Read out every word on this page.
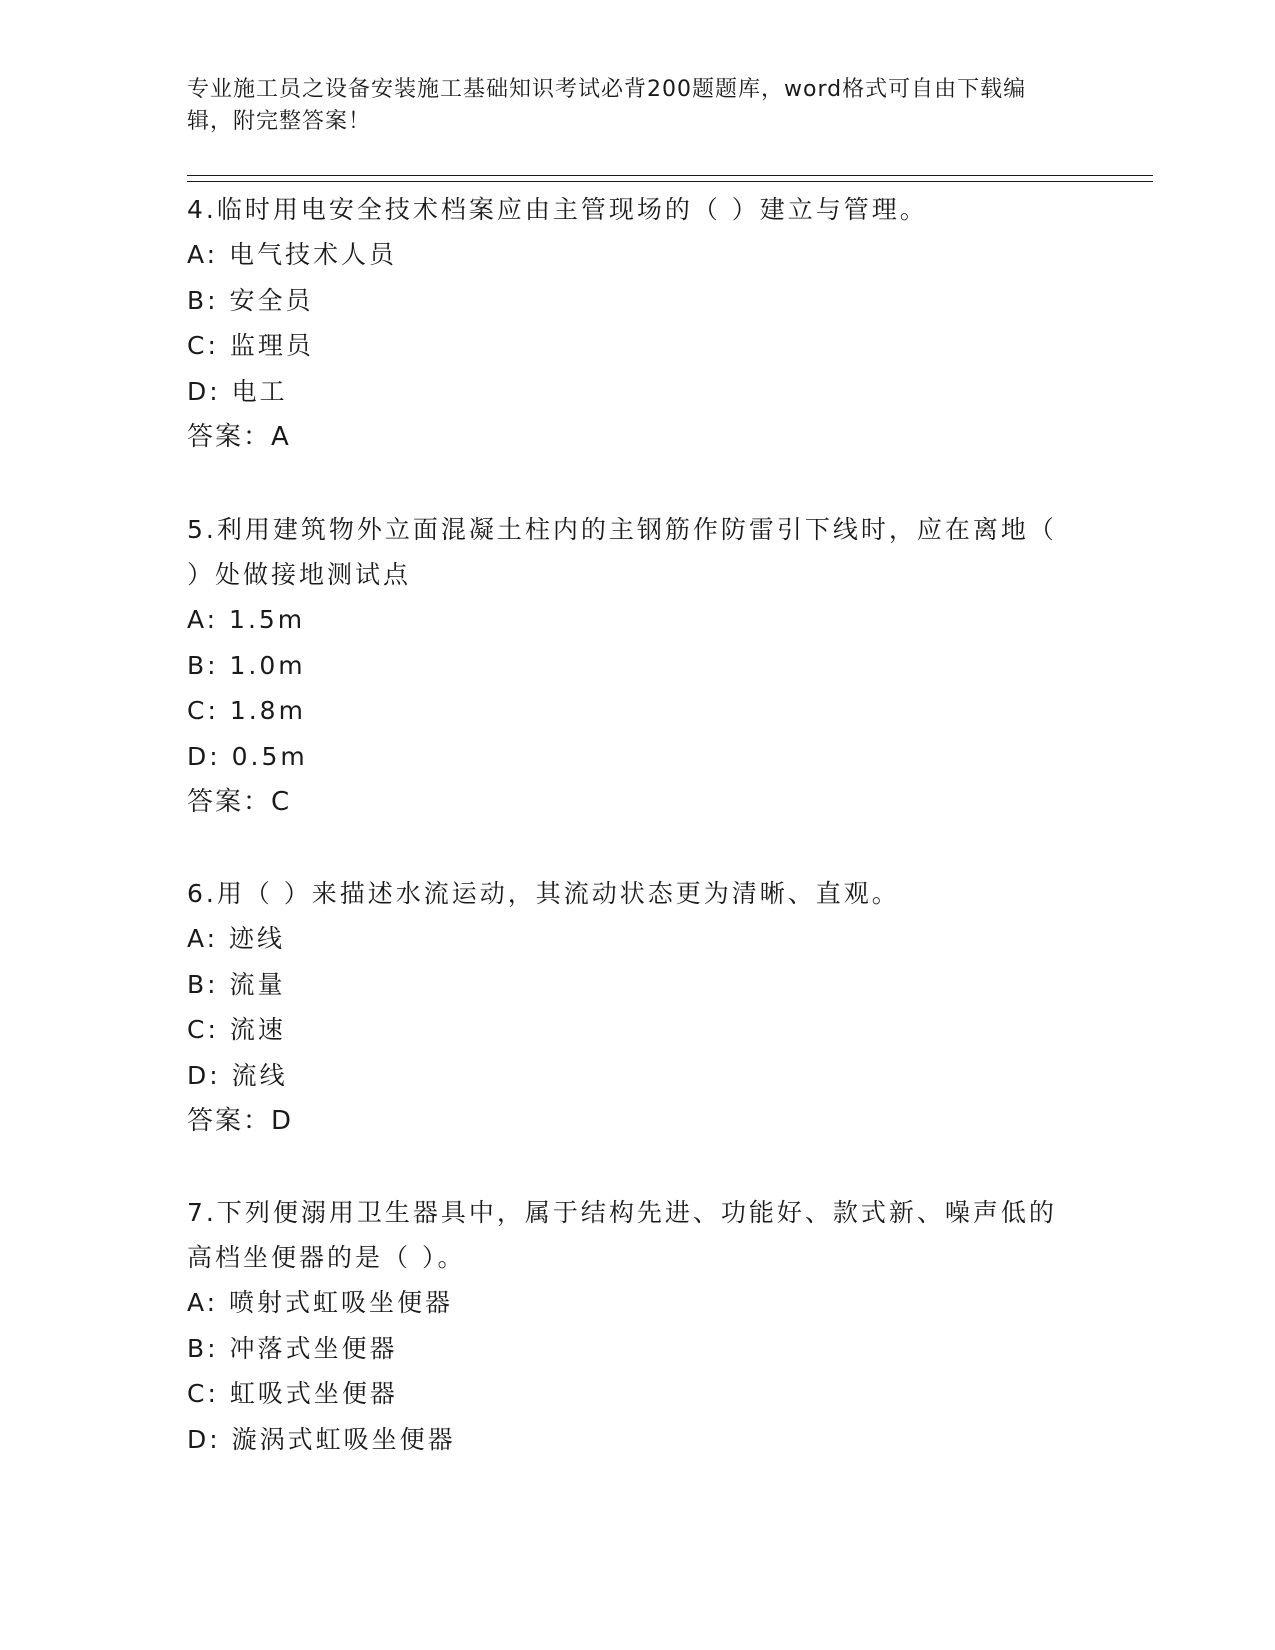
专业施工员之设备安装施工基础知识考试必背200题题库，word格式可自由下载编辑，附完整答案！
4.临时用电安全技术档案应由主管现场的（ ）建立与管理。
A: 电气技术人员
B: 安全员
C: 监理员
D: 电工
答案：A
5.利用建筑物外立面混凝土柱内的主钢筋作防雷引下线时，应在离地（ ）处做接地测试点
A: 1.5m
B: 1.0m
C: 1.8m
D: 0.5m
答案：C
6.用（ ）来描述水流运动，其流动状态更为清晰、直观。
A: 迹线
B: 流量
C: 流速
D: 流线
答案：D
7.下列便溺用卫生器具中，属于结构先进、功能好、款式新、噪声低的高档坐便器的是（ ）。
A: 喷射式虹吸坐便器
B: 冲落式坐便器
C: 虹吸式坐便器
D: 漩涡式虹吸坐便器
